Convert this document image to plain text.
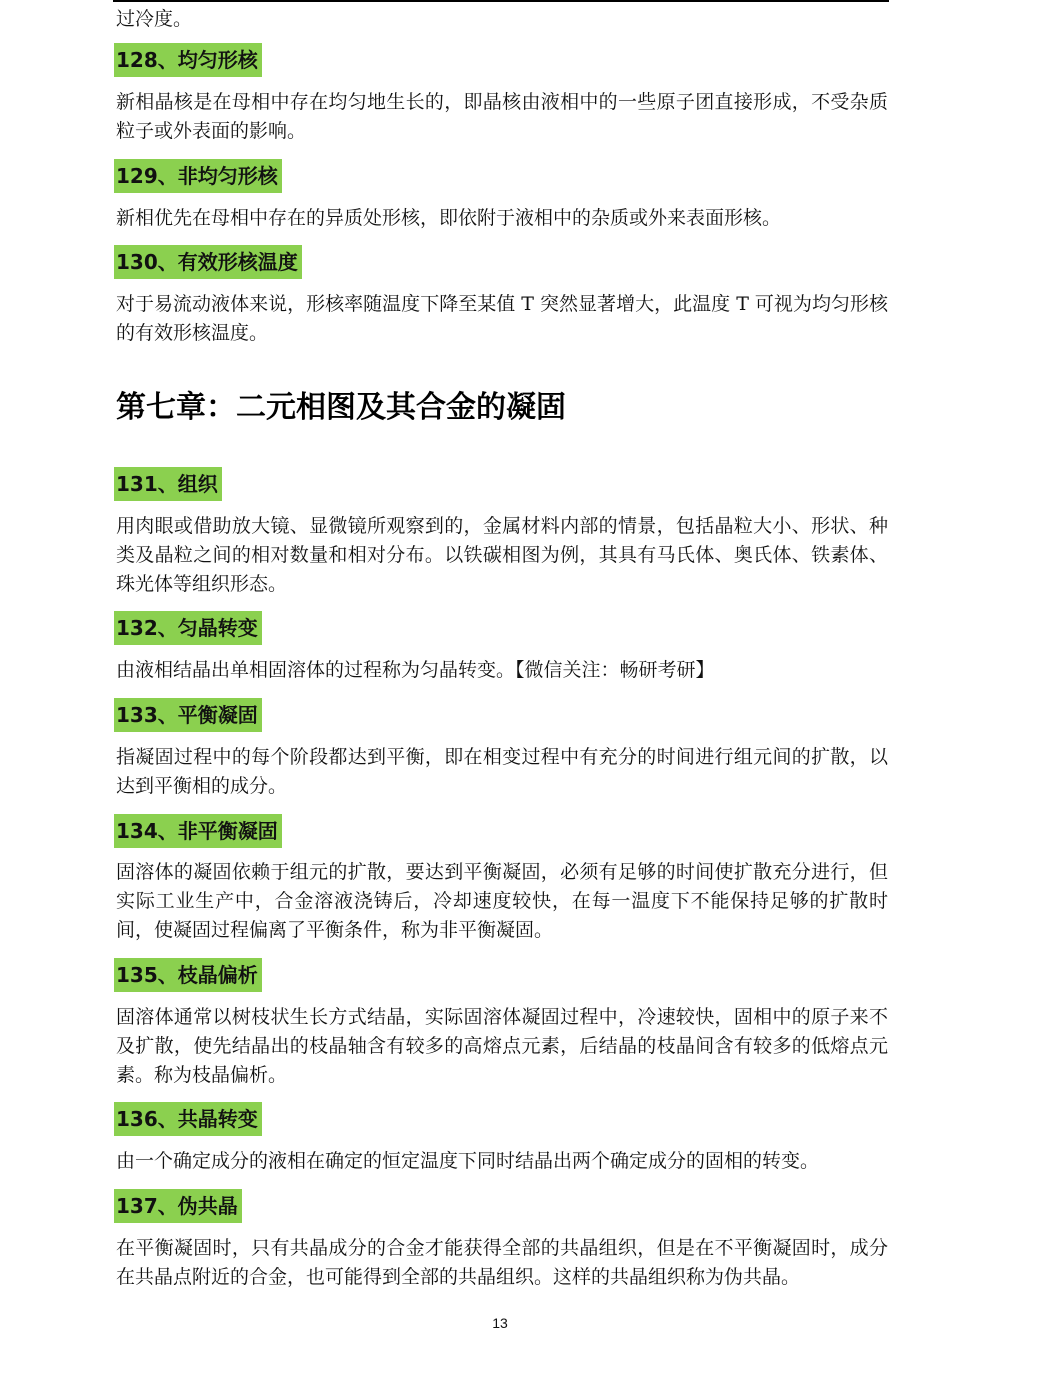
过冷度。
128、均匀形核
新相晶核是在母相中存在均匀地生长的，即晶核由液相中的一些原子团直接形成，不受杂质粒子或外表面的影响。
129、非均匀形核
新相优先在母相中存在的异质处形核，即依附于液相中的杂质或外来表面形核。
130、有效形核温度
对于易流动液体来说，形核率随温度下降至某值 T 突然显著增大，此温度 T 可视为均匀形核的有效形核温度。
第七章：二元相图及其合金的凝固
131、组织
用肉眼或借助放大镜、显微镜所观察到的，金属材料内部的情景，包括晶粒大小、形状、种类及晶粒之间的相对数量和相对分布。以铁碳相图为例，其具有马氏体、奥氏体、铁素体、珠光体等组织形态。
132、匀晶转变
由液相结晶出单相固溶体的过程称为匀晶转变。【微信关注：畅研考研】
133、平衡凝固
指凝固过程中的每个阶段都达到平衡，即在相变过程中有充分的时间进行组元间的扩散，以达到平衡相的成分。
134、非平衡凝固
固溶体的凝固依赖于组元的扩散，要达到平衡凝固，必须有足够的时间使扩散充分进行，但实际工业生产中，合金溶液浇铸后，冷却速度较快，在每一温度下不能保持足够的扩散时间，使凝固过程偏离了平衡条件，称为非平衡凝固。
135、枝晶偏析
固溶体通常以树枝状生长方式结晶，实际固溶体凝固过程中，冷速较快，固相中的原子来不及扩散，使先结晶出的枝晶轴含有较多的高熔点元素，后结晶的枝晶间含有较多的低熔点元素。称为枝晶偏析。
136、共晶转变
由一个确定成分的液相在确定的恒定温度下同时结晶出两个确定成分的固相的转变。
137、伪共晶
在平衡凝固时，只有共晶成分的合金才能获得全部的共晶组织，但是在不平衡凝固时，成分在共晶点附近的合金，也可能得到全部的共晶组织。这样的共晶组织称为伪共晶。
13
